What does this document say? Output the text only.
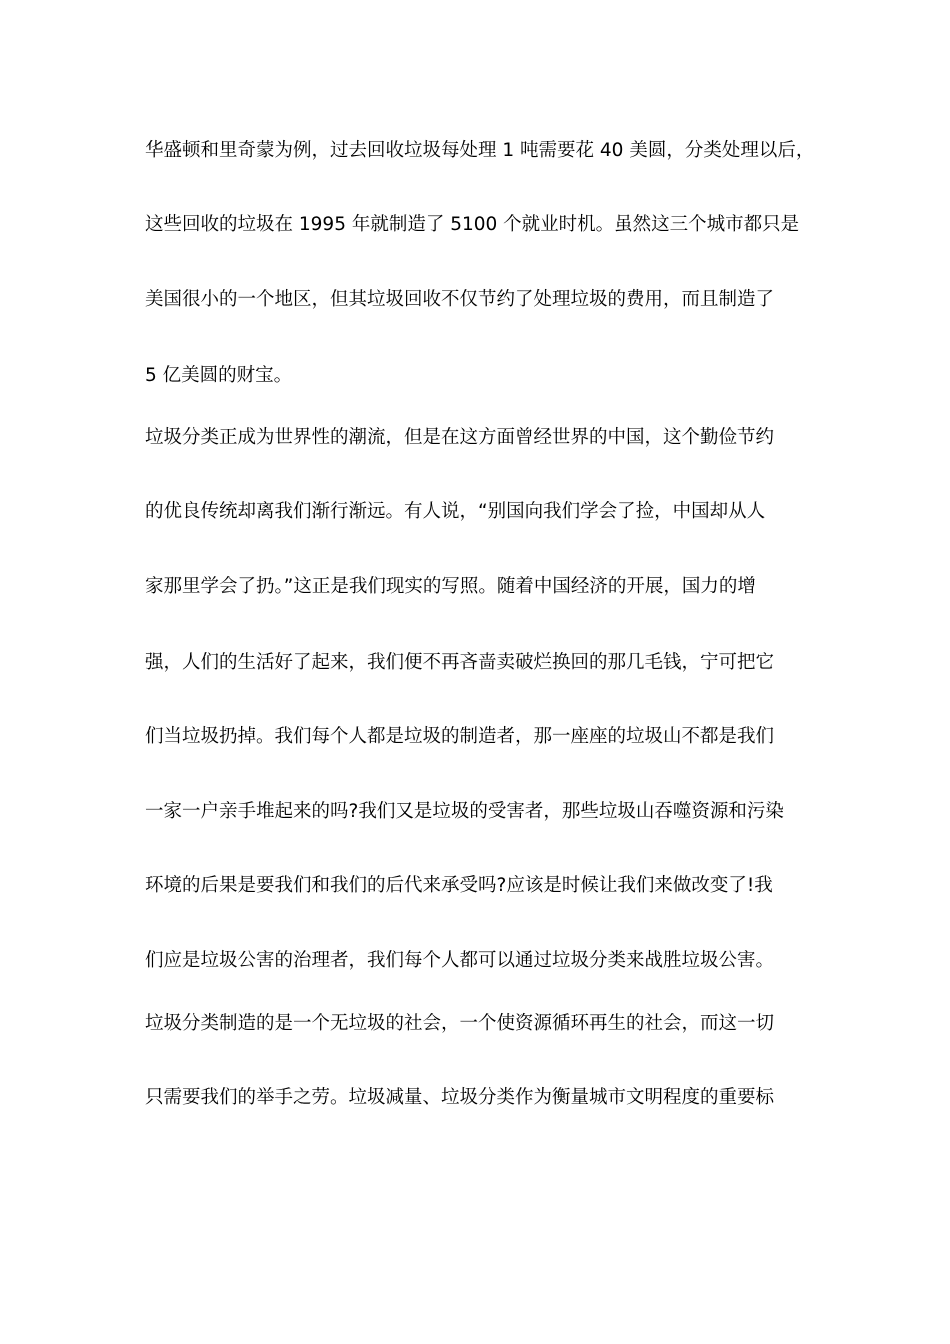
华盛顿和里奇蒙为例，过去回收垃圾每处理 1 吨需要花 40 美圆，分类处理以后，
这些回收的垃圾在 1995 年就制造了 5100 个就业时机。虽然这三个城市都只是
美国很小的一个地区，但其垃圾回收不仅节约了处理垃圾的费用，而且制造了
5 亿美圆的财宝。
垃圾分类正成为世界性的潮流，但是在这方面曾经世界的中国，这个勤俭节约
的优良传统却离我们渐行渐远。有人说，“别国向我们学会了捡，中国却从人
家那里学会了扔。”这正是我们现实的写照。随着中国经济的开展，国力的增
强，人们的生活好了起来，我们便不再吝啬卖破烂换回的那几毛钱，宁可把它
们当垃圾扔掉。我们每个人都是垃圾的制造者，那一座座的垃圾山不都是我们
一家一户亲手堆起来的吗?我们又是垃圾的受害者，那些垃圾山吞噬资源和污染
环境的后果是要我们和我们的后代来承受吗?应该是时候让我们来做改变了!我
们应是垃圾公害的治理者，我们每个人都可以通过垃圾分类来战胜垃圾公害。
垃圾分类制造的是一个无垃圾的社会，一个使资源循环再生的社会，而这一切
只需要我们的举手之劳。垃圾减量、垃圾分类作为衡量城市文明程度的重要标
